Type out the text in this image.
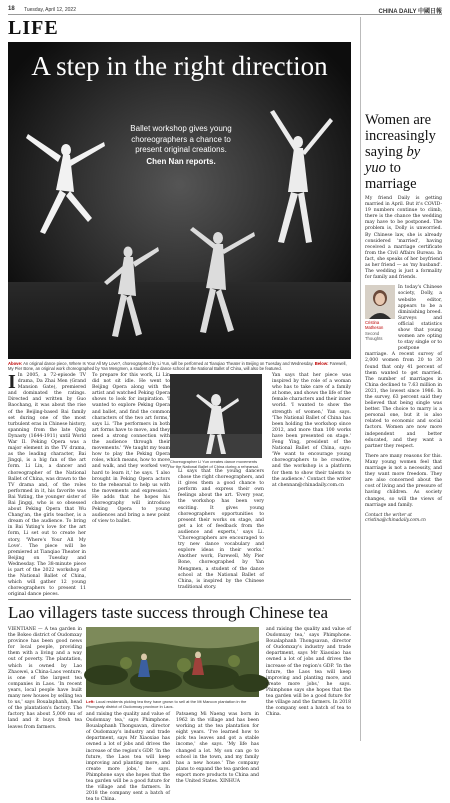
18 Tuesday, April 12, 2022	CHINA DAILY 中國日報
LIFE
A step in the right direction
Ballet workshop gives young choreographers a chance to present original creations.
Chen Nan reports.
Above: An original dance piece, Where Is Your All My Love?, choreographed by Li Yun, will be performed at Tianqiao Theater in Beijing on Tuesday and Wednesday. Below: Farewell, My Pier Bone, an original work choreographed by Yan Mengmen, a student of the dance school at the National Ballet of China, will also be featured.
I In 2005, a 72-episode TV drama, Da Zhai Men (Grand Mansion Gate), premiered and dominated the ratings. Directed and written by Guo Baochang, it was about the rise of the Beijing-based Bai family set during one of the most turbulent eras in Chinese history, spanning from the late Qing Dynasty (1644-1911) until World War II. Peking Opera was a major element in the TV drama, as the leading character, Bai Jingqi, is a big fan of the art form. Li Lin, a dancer and choreographer of the National Ballet of China, was drawn to the TV drama and, of the roles performed in it, his favorite was Bai Yuting, the younger sister of Bai Jingqi, who is so obsessed about Peking Opera that Wu Chang'an, the girls teacher, is a dream of the audience. To bring in Bai Yuting's love for the art form, Li set out to create her story, 'Where's Your All My Love'. The piece will be premiered at Tianqiao Theater in Beijing on Tuesday and Wednesday. The 38-minute piece is part of the 2022 workshop of the National Ballet of China, which will gather 12 young choreographers to present 11 original dance pieces.
To prepare for this work, Li Lin did not sit idle. He went to Beijing Opera along with the artist and watched Peking Opera shows to look for inspiration. 'I wanted to explore Peking Opera and ballet, and find the common characters of the two art forms,' says Li. 'The performers in both art forms have to move, and they need a strong connection with the audience through their movements.' 'We taught my team how to play the Peking Opera roles, which means, how to move and walk, and they worked very hard to learn it,' he says. 'I also brought in Peking Opera actors to the rehearsal to help us with the movements and expression.' He adds that he hopes his choreography will introduce Peking Opera to young audiences and bring a new point of view to ballet.
Li says that the young dancers chose the right choreographers, and it gives them a good chance to perform and express their own feelings about the art. 'Every year, the workshop has been very exciting. It gives young choreographers opportunities to present their works on stage, and get a lot of feedback from the audience and experts,' says Li. 'Choreographers are encouraged to try new dance vocabulary and explore ideas in their works.' Another work, Farewell, My Pier Bone, choreographed by Yan Mengmen, a student of the dance school at the National Ballet of China, is inspired by the Chinese traditional story.
Yan says that her piece was inspired by the role of a woman who has to take care of a family at home, and shows the life of the female characters and their inner world. 'I wanted to show the strength of women,' Yan says. 'The National Ballet of China has been holding the workshop since 2012, and more than 100 works have been presented on stage.' Feng Ying, president of the National Ballet of China, says: 'We want to encourage young choreographers to be creative, and the workshop is a platform for them to show their talents to the audience.' Contact the writer at chennan@chinadaily.com.cn
Choreographer Li Yun creates dance movements for the National Ballet of China during a rehearsal.
Lao villagers taste success through Chinese tea
VIENTIANE — A tea garden in the Bokeo district of Oudomxay province has been good news for local people, providing them with a living and a way out of poverty. The plantation, which is owned by Lao Zhaowei, a China-Laos venture, is one of the largest tea companies in Laos. 'In recent years, local people have built many new houses by selling tea to us,' says Boualaphanh, head of the plantation's factory. The factory has about 5,000 mu of land and it buys fresh tea leaves from farmers.
Left: Local residents picking tea they have grown to sell at the Mt Mancon plantation in the Phongsaly district of Oudomxay province in Laos.
and raising the quality and value of Oudomxay tea,' says Phimphone. Boualaphanh Thongsavan, director of Oudomxay's industry and trade department, says Mr Xiaoxiao has owned a lot of jobs and drives the increase of the region's GDP. 'In the future, the Laos tea will keep improving and planting more, and create more jobs,' he says. Phimphone says she hopes that the tea garden will be a good future for the village and the farmers. In 2018 the company sent a batch of tea to China.
Patsaeng Mi Naeng was born in 1962 in the village and has been working at the tea plantation for eight years. 'I've learned how to pick tea leaves and got a stable income,' she says. 'My life has changed a lot. My son can go to school in the town, and my family has a new house.' The company plans to expand the tea garden and export more products to China and the United States. XINHUA
and raising the quality and value of Oudomxay tea,' says Phimphone. Boualaphanh Thongsavan, director of Oudomxay's industry and trade department, says Mr Xiaoxiao has owned a lot of jobs and drives the increase of the region's GDP. 'In the future, the Laos tea will keep improving and planting more, and create more jobs,' he says. Phimphone says she hopes that the tea garden will be a good future for the village and the farmers. In 2018 the company sent a batch of tea to China.
Women are increasingly saying by yuo to marriage
My friend Daily is getting married in April. But it's COVID-19 numbers continue to climb, there is the chance the wedding may have to be postponed. The problem is, Dolly is unworried. By Chinese law, she is already considered 'married', having received a marriage certificate from the Civil Affairs Bureau. In fact, she speaks of her boyfriend as her friend — as 'my husband'. The wedding is just a formality for family and friends.
Cristina Matheson
Second Thoughts
In today's Chinese society, Dolly, a website editor, appears to be a diminishing breed. Surveys and official statistics show that young women are opting to stay single or to postpone marriage. A recent survey of 2,000 women from 20 to 30 found that only 41 percent of them wanted to get married. The number of marriages in China declined to 7.63 million in 2021, the lowest since 1986. In the survey, 63 percent said they believed that being single was better. The choice to marry is a personal one, but it is also related to economic and social factors. Women are now more independent and better educated, and they want a partner they respect.
There are many reasons for this. Many young women feel that marriage is not a necessity, and they want more freedom. They are also concerned about the cost of living and the pressure of having children. As society changes, so will the views of marriage and family.
Contact the writer at cristina@chinadaily.com.cn
